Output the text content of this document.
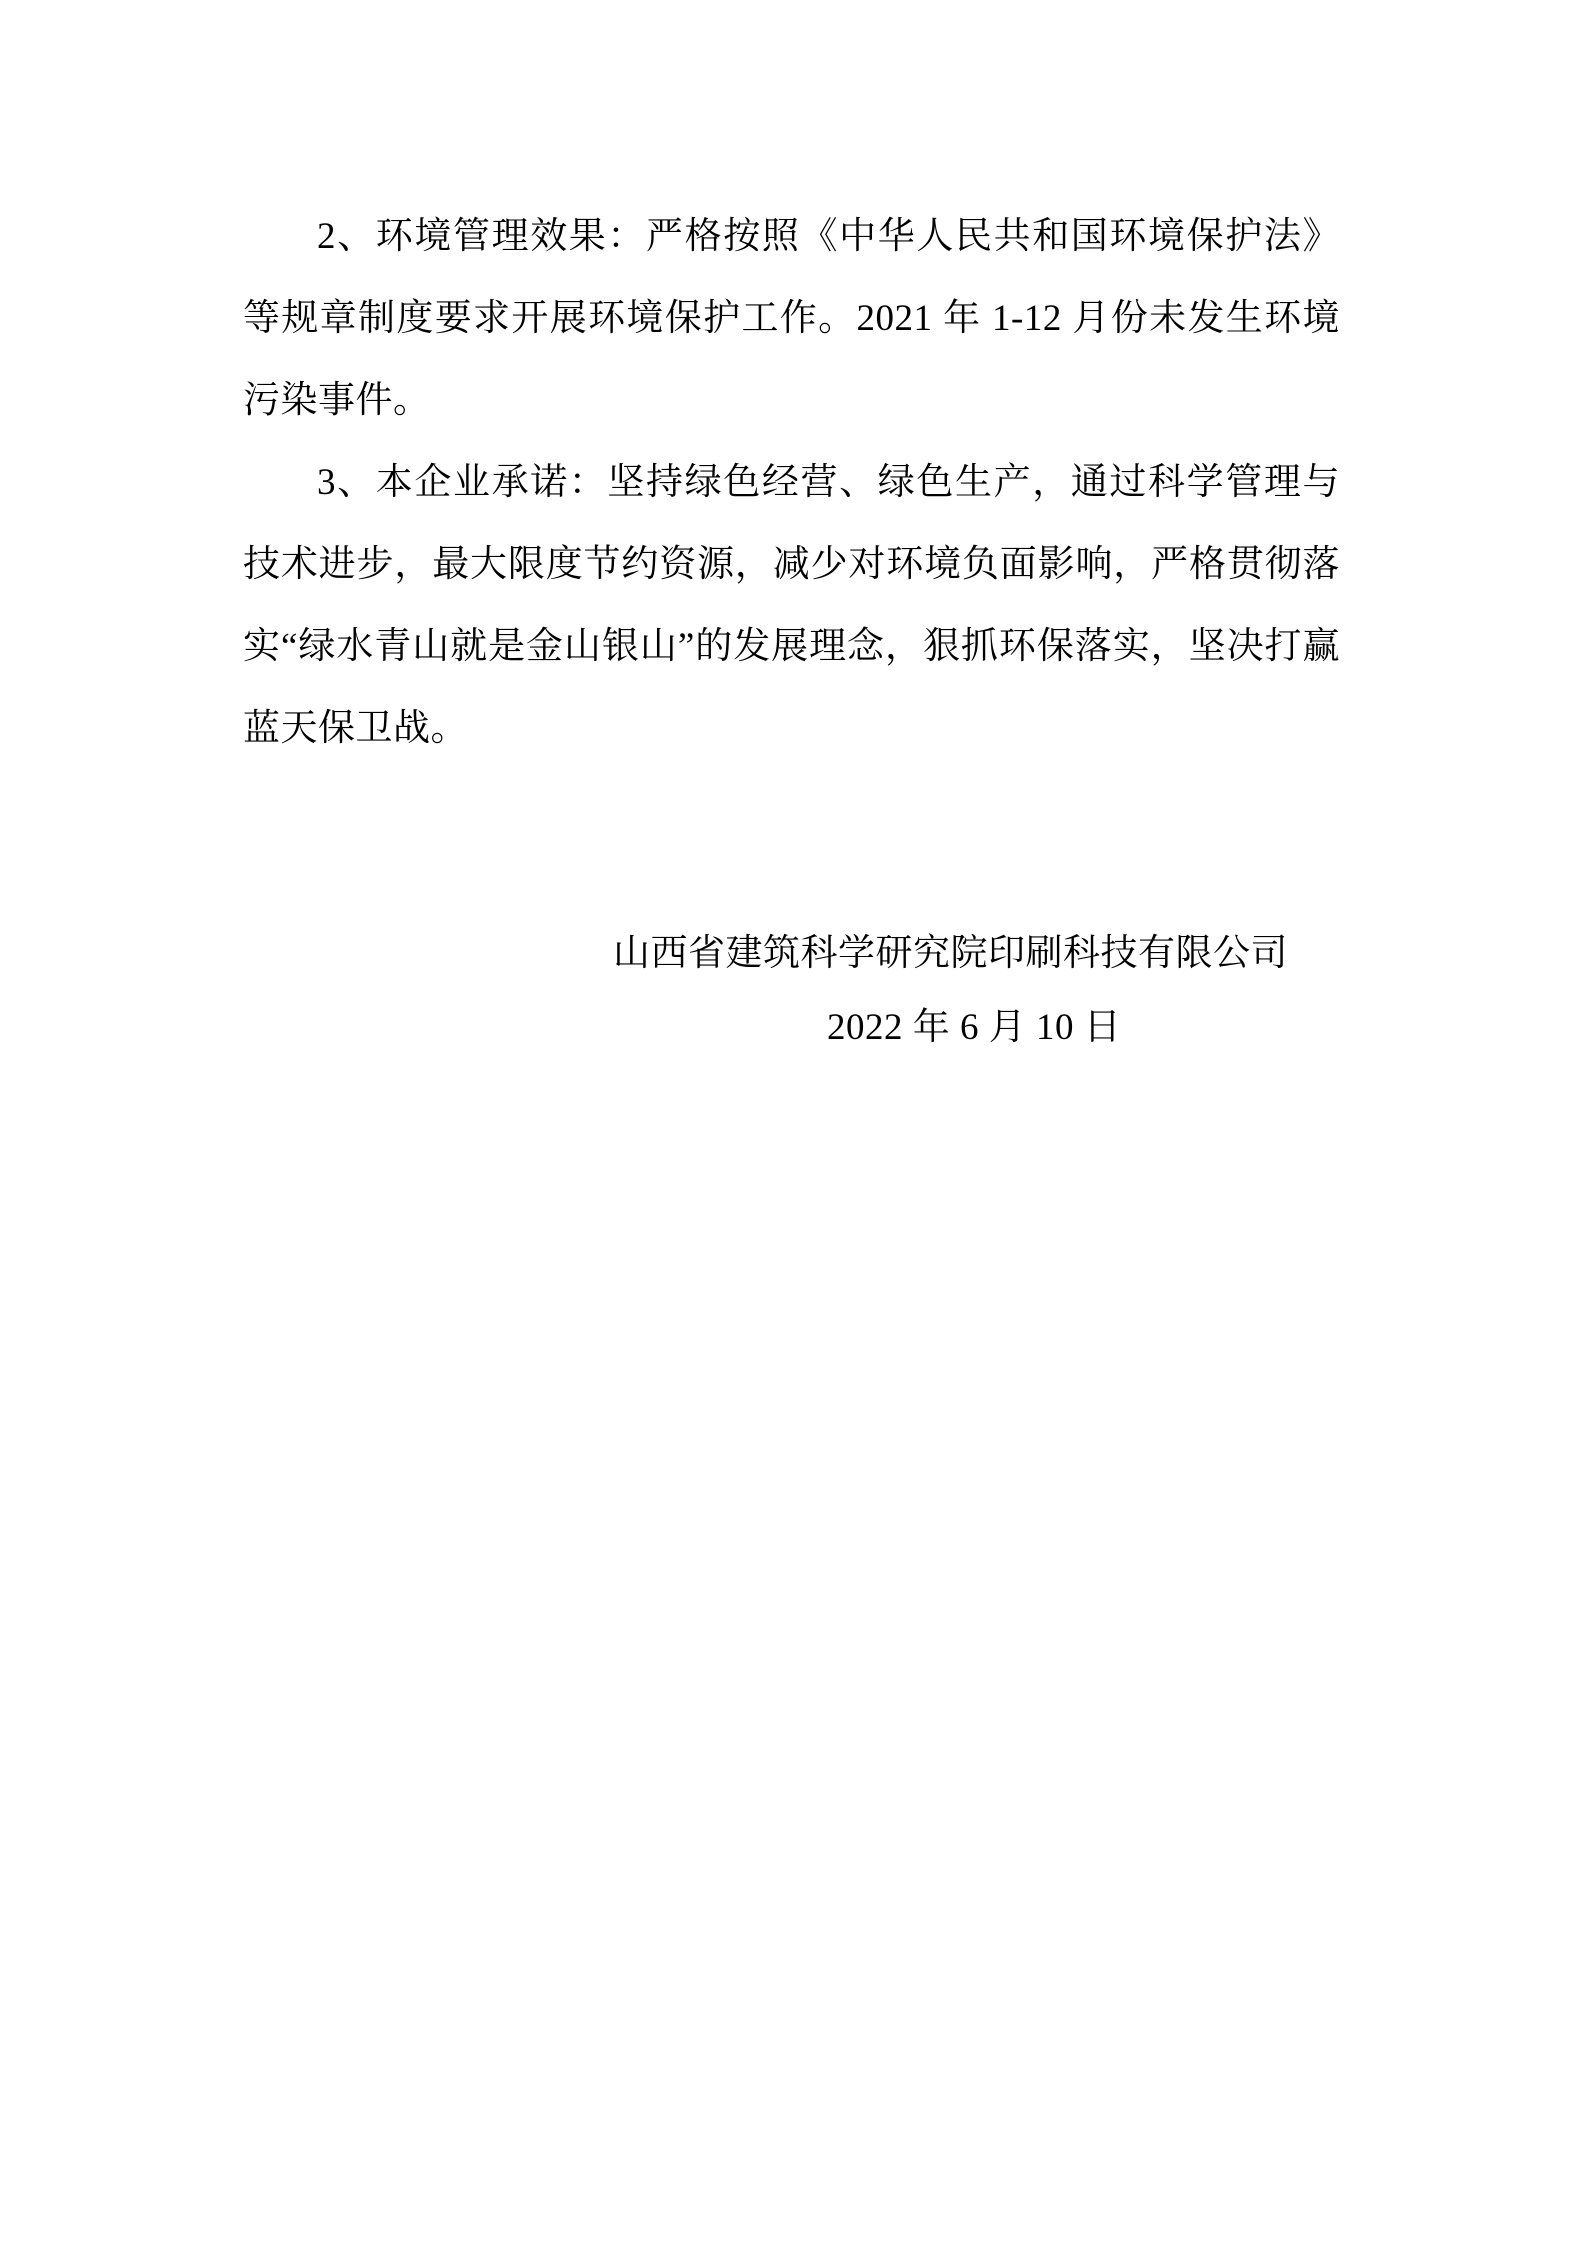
2、环境管理效果：严格按照《中华人民共和国环境保护法》等规章制度要求开展环境保护工作。2021 年 1-12 月份未发生环境污染事件。

3、本企业承诺：坚持绿色经营、绿色生产，通过科学管理与技术进步，最大限度节约资源，减少对环境负面影响，严格贯彻落实“绿水青山就是金山银山”的发展理念，狠抓环保落实，坚决打赢蓝天保卫战。

山西省建筑科学研究院印刷科技有限公司
2022 年 6 月 10 日
